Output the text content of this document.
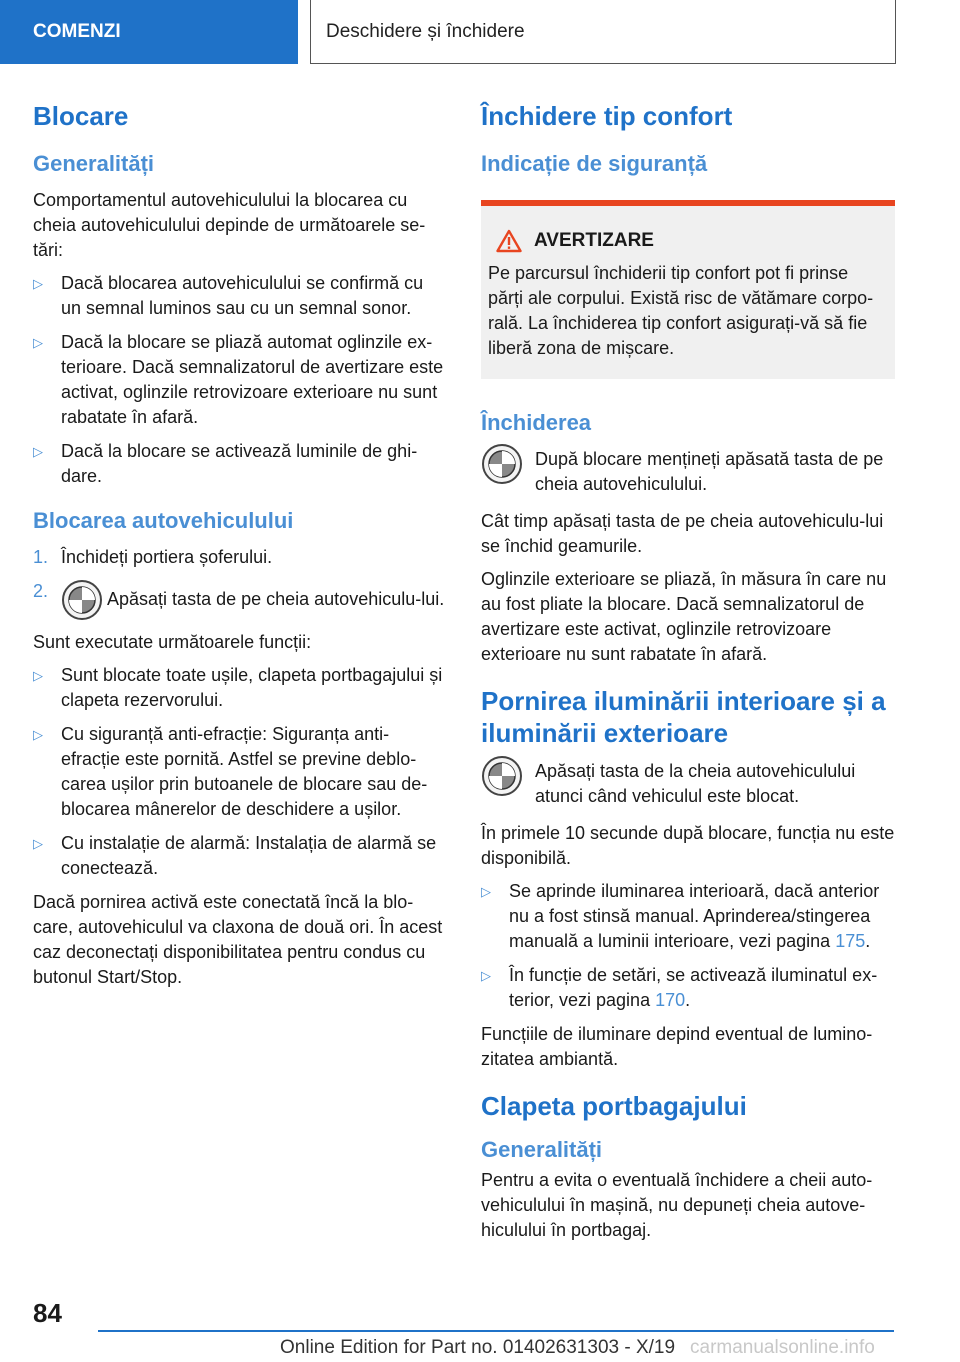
COMENZI	Deschidere și închidere
Blocare
Generalități

Comportamentul autovehiculului la blocarea cu cheia autovehiculului depinde de următoarele se-tări:

▷ Dacă blocarea autovehiculului se confirmă cu un semnal luminos sau cu un semnal sonor.
▷ Dacă la blocare se pliază automat oglinzile ex-terioare. Dacă semnalizatorul de avertizare este activat, oglinzile retrovizoare exterioare nu sunt rabatate în afară.
▷ Dacă la blocare se activează luminile de ghi-dare.
Blocarea autovehiculului
1. Închideți portiera șoferului.
2.	Apăsați tasta de pe cheia autovehiculu-lui.

Sunt executate următoarele funcții:

▷ Sunt blocate toate ușile, clapeta portbagajului și clapeta rezervorului.
▷ Cu siguranță anti-efracție: Siguranța anti-efracție este pornită. Astfel se previne deblo-carea ușilor prin butoanele de blocare sau de-blocarea mânerelor de deschidere a ușilor.
▷ Cu instalație de alarmă: Instalația de alarmă se conectează.

Dacă pornirea activă este conectată încă la blo-care, autovehiculul va claxona de două ori. În acest caz deconectați disponibilitatea pentru condus cu butonul Start/Stop.

Închidere tip confort
Indicație de siguranță
AVERTIZARE

Pe parcursul închiderii tip confort pot fi prinse părți ale corpului. Există risc de vătămare corpo-rală. La închiderea tip confort asigurați-vă să fie liberă zona de mișcare.

Închiderea
După blocare mențineți apăsată tasta de pe cheia autovehiculului.

Cât timp apăsați tasta de pe cheia autovehiculu-lui se închid geamurile.

Oglinzile exterioare se pliază, în măsura în care nu au fost pliate la blocare. Dacă semnalizatorul de avertizare este activat, oglinzile retrovizoare exterioare nu sunt rabatate în afară.

Pornirea iluminării interioare și a iluminării exterioare
Apăsați tasta de la cheia autovehiculului atunci când vehiculul este blocat.

În primele 10 secunde după blocare, funcția nu este disponibilă.

▷ Se aprinde iluminarea interioară, dacă anterior nu a fost stinsă manual. Aprinderea/stingerea manuală a luminii interioare, vezi pagina 175.
▷ În funcție de setări, se activează iluminatul ex-terior, vezi pagina 170.

Funcțiile de iluminare depind eventual de lumino-zitatea ambiantă.

Clapeta portbagajului
Generalități

Pentru a evita o eventuală închidere a cheii auto-vehiculului în mașină, nu depuneți cheia autove-hiculului în portbagaj.

84
Online Edition for Part no. 01402631303 - X/19 carmanualsonline.info
